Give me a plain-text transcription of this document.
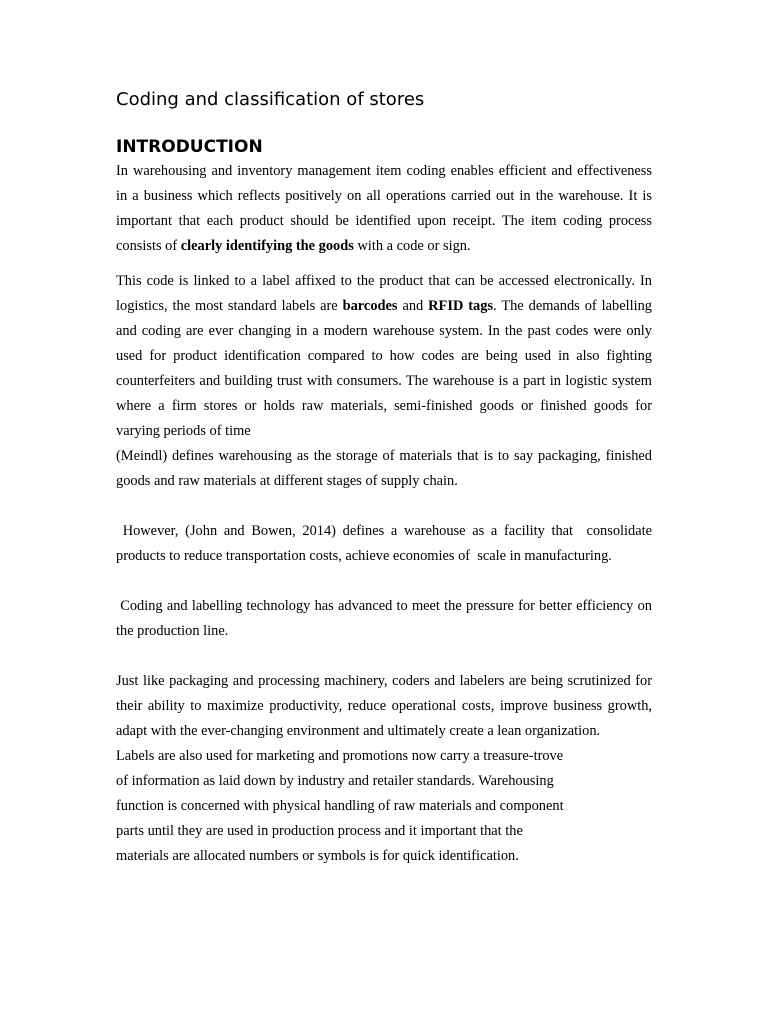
Coding and classification of stores
INTRODUCTION

In warehousing and inventory management item coding enables efficient and effectiveness in a business which reflects positively on all operations carried out in the warehouse. It is important that each product should be identified upon receipt. The item coding process consists of clearly identifying the goods with a code or sign.

This code is linked to a label affixed to the product that can be accessed electronically. In logistics, the most standard labels are barcodes and RFID tags. The demands of labelling and coding are ever changing in a modern warehouse system. In the past codes were only used for product identification compared to how codes are being used in also fighting counterfeiters and building trust with consumers. The warehouse is a part in logistic system where a firm stores or holds raw materials, semi-finished goods or finished goods for varying periods of time

(Meindl) defines warehousing as the storage of materials that is to say packaging, finished goods and raw materials at different stages of supply chain.

However, (John and Bowen, 2014) defines a warehouse as a facility that  consolidate products to reduce transportation costs, achieve economies of  scale in manufacturing.

Coding and labelling technology has advanced to meet the pressure for better efficiency on the production line.

Just like packaging and processing machinery, coders and labelers are being scrutinized for their ability to maximize productivity, reduce operational costs, improve business growth, adapt with the ever-changing environment and ultimately create a lean organization.

Labels are also used for marketing and promotions now carry a treasure-trove
of information as laid down by industry and retailer standards. Warehousing
function is concerned with physical handling of raw materials and component
parts until they are used in production process and it important that the
materials are allocated numbers or symbols is for quick identification.
